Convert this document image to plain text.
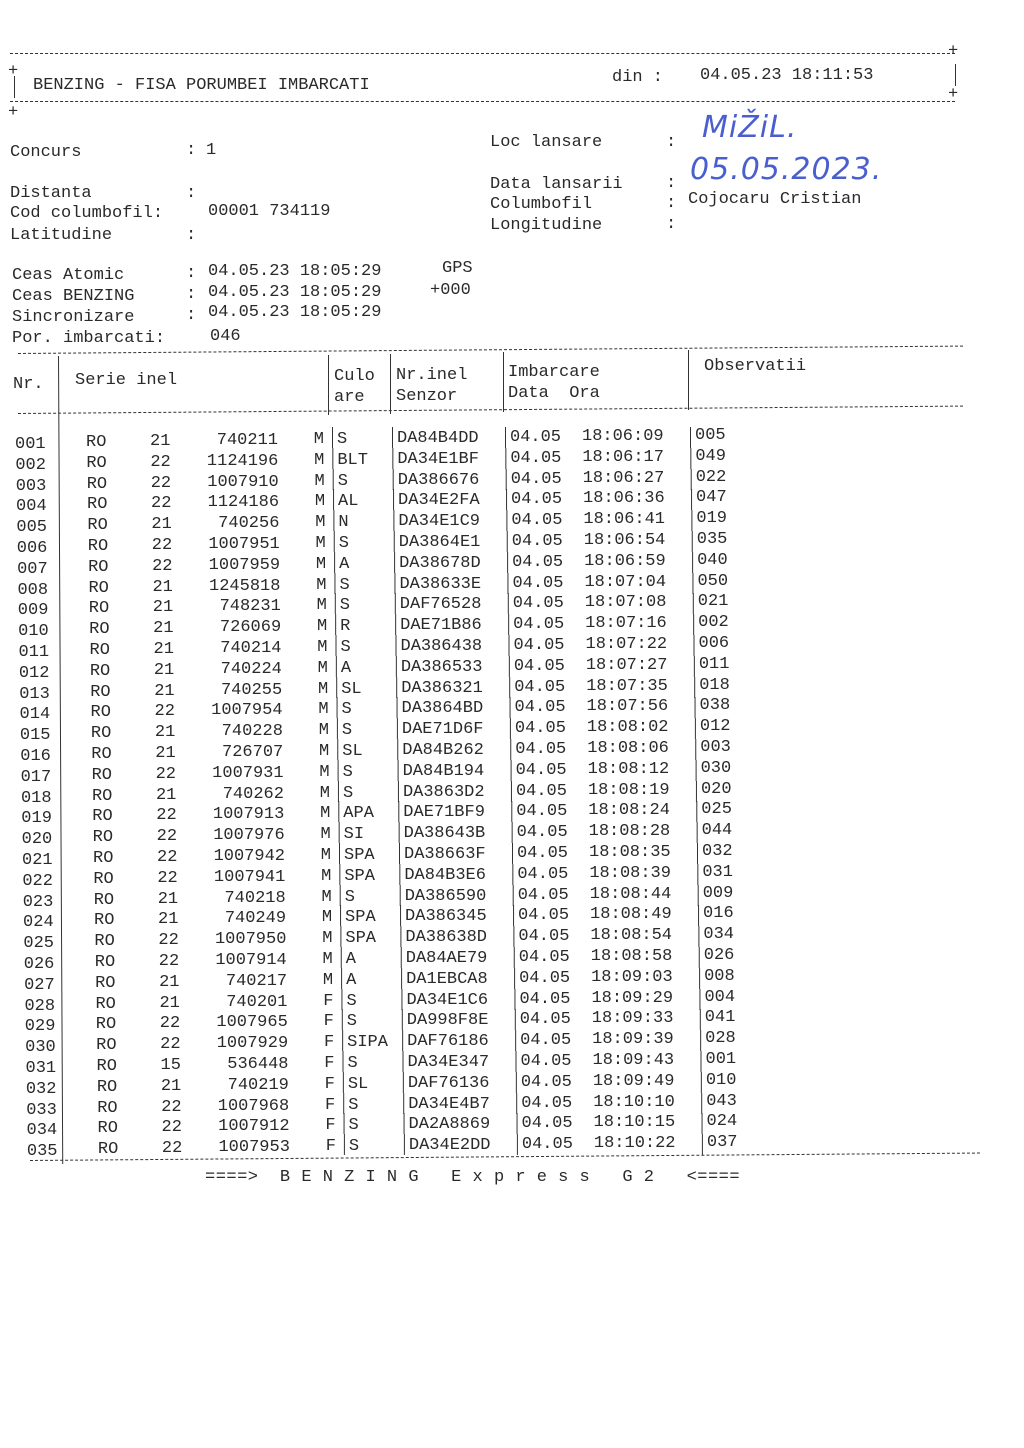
+
+
BENZING - FISA PORUMBEI IMBARCATI	din : 04.05.23 18:11:53
+
+
Concurs	: 1	Loc lansare	: MiŽiL.
Distanta	:	Data lansarii	: 05.05.2023.
Cod columbofil:	00001 734119	Columbofil	: Cojocaru Cristian
Latitudine	:
Longitudine	:
Ceas Atomic	: 04.05.23 18:05:29	GPS
Ceas BENZING	: 04.05.23 18:05:29	+000
Sincronizare	: 04.05.23 18:05:29
Por. imbarcati:	046
Nr. Serie inel	Culo
are
Nr.inel
Senzor
Imbarcare
Data Ora
Observatii
001	RO	21	740211	M S	DA84B4DD	04.05	18:06:09	005
002	RO	22	1124196	M BLT	DA34E1BF	04.05	18:06:17	049
003	RO	22	1007910	M S	DA386676	04.05	18:06:27	022
004	RO	22	1124186	M AL	DA34E2FA	04.05	18:06:36	047
005	RO	21	740256	M N	DA34E1C9	04.05	18:06:41	019
006	RO	22	1007951	M S	DA3864E1	04.05	18:06:54	035
007	RO	22	1007959	M A	DA38678D	04.05	18:06:59	040
008	RO	21	1245818	M S	DA38633E	04.05	18:07:04	050
009	RO	21	748231	M S	DAF76528	04.05	18:07:08	021
010	RO	21	726069	M R	DAE71B86	04.05	18:07:16	002
011	RO	21	740214	M S	DA386438	04.05	18:07:22	006
012	RO	21	740224	M A	DA386533	04.05	18:07:27	011
013	RO	21	740255	M SL	DA386321	04.05	18:07:35	018
014	RO	22	1007954	M S	DA3864BD	04.05	18:07:56	038
015	RO	21	740228	M S	DAE71D6F	04.05	18:08:02	012
016	RO	21	726707	M SL	DA84B262	04.05	18:08:06	003
017	RO	22	1007931	M S	DA84B194	04.05	18:08:12	030
018	RO	21	740262	M S	DA3863D2	04.05	18:08:19	020
019	RO	22	1007913	M APA	DAE71BF9	04.05	18:08:24	025
020	RO	22	1007976	M SI	DA38643B	04.05	18:08:28	044
021	RO	22	1007942	M SPA	DA38663F	04.05	18:08:35	032
022	RO	22	1007941	M SPA	DA84B3E6	04.05	18:08:39	031
023	RO	21	740218	M S	DA386590	04.05	18:08:44	009
024	RO	21	740249	M SPA	DA386345	04.05	18:08:49	016
025	RO	22	1007950	M SPA	DA38638D	04.05	18:08:54	034
026	RO	22	1007914	M A	DA84AE79	04.05	18:08:58	026
027	RO	21	740217	M A	DA1EBCA8	04.05	18:09:03	008
028	RO	21	740201	F S	DA34E1C6	04.05	18:09:29	004
029	RO	22	1007965	F S	DA998F8E	04.05	18:09:33	041
030	RO	22	1007929	F SIPA	DAF76186	04.05	18:09:39	028
031	RO	15	536448	F S	DA34E347	04.05	18:09:43	001
032	RO	21	740219	F SL	DAF76136	04.05	18:09:49	010
033	RO	22	1007968	F S	DA34E4B7	04.05	18:10:10	043
034	RO	22	1007912	F S	DA2A8869	04.05	18:10:15	024
035	RO	22	1007953	F S	DA34E2DD	04.05	18:10:22	037
====>  B E N Z I N G   E x p r e s s   G 2   <====
